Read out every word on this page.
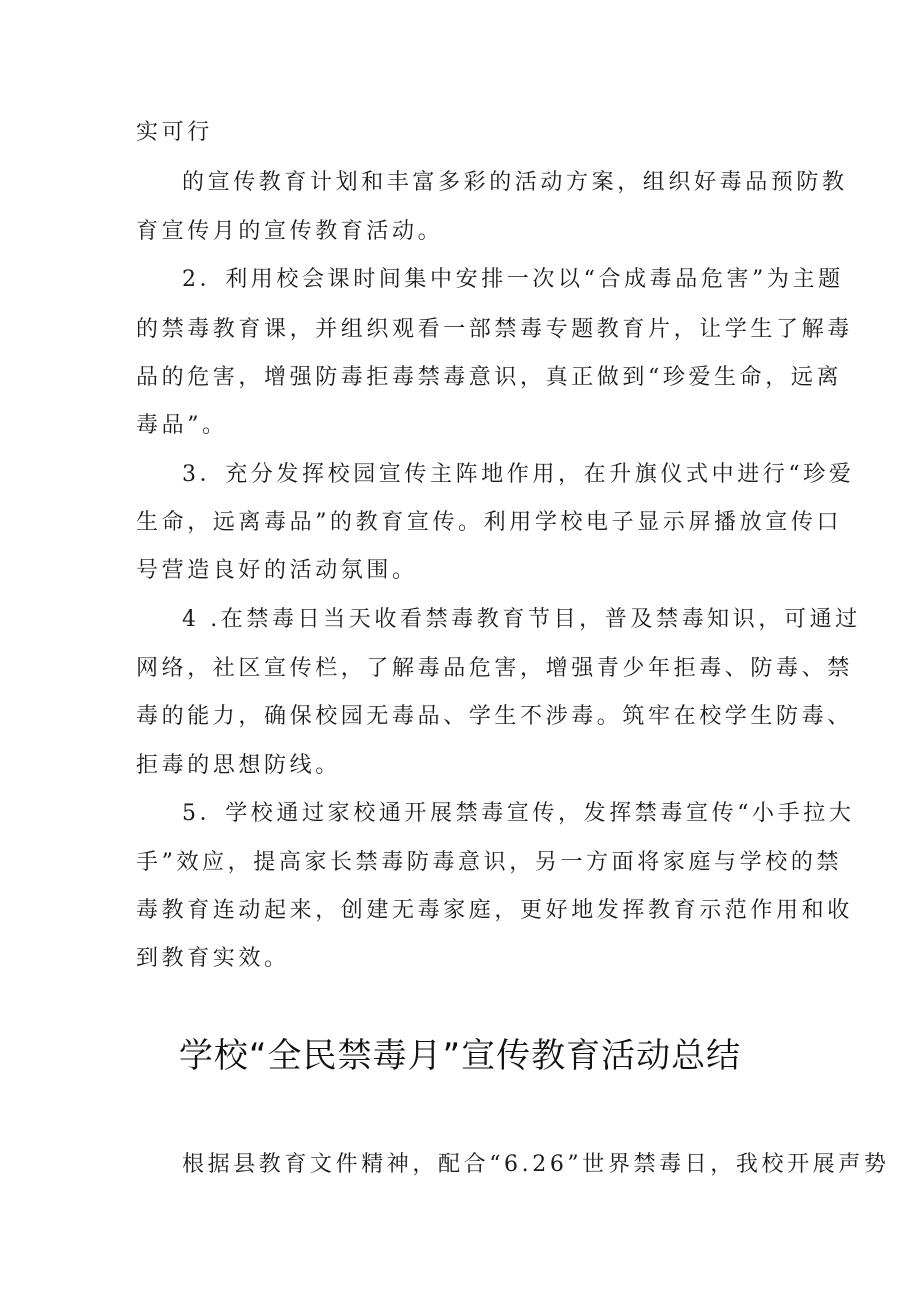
实可行
的宣传教育计划和丰富多彩的活动方案，组织好毒品预防教
育宣传月的宣传教育活动。
2．利用校会课时间集中安排一次以“合成毒品危害”为主题
的禁毒教育课，并组织观看一部禁毒专题教育片，让学生了解毒
品的危害，增强防毒拒毒禁毒意识，真正做到“珍爱生命，远离
毒品”。
3．充分发挥校园宣传主阵地作用，在升旗仪式中进行“珍爱
生命，远离毒品”的教育宣传。利用学校电子显示屏播放宣传口
号营造良好的活动氛围。
4 .在禁毒日当天收看禁毒教育节目，普及禁毒知识，可通过
网络，社区宣传栏，了解毒品危害，增强青少年拒毒、防毒、禁
毒的能力，确保校园无毒品、学生不涉毒。筑牢在校学生防毒、
拒毒的思想防线。
5．学校通过家校通开展禁毒宣传，发挥禁毒宣传“小手拉大
手”效应，提高家长禁毒防毒意识，另一方面将家庭与学校的禁
毒教育连动起来，创建无毒家庭，更好地发挥教育示范作用和收
到教育实效。
学校“全民禁毒月”宣传教育活动总结
根据县教育文件精神，配合“6.26”世界禁毒日，我校开展声势
